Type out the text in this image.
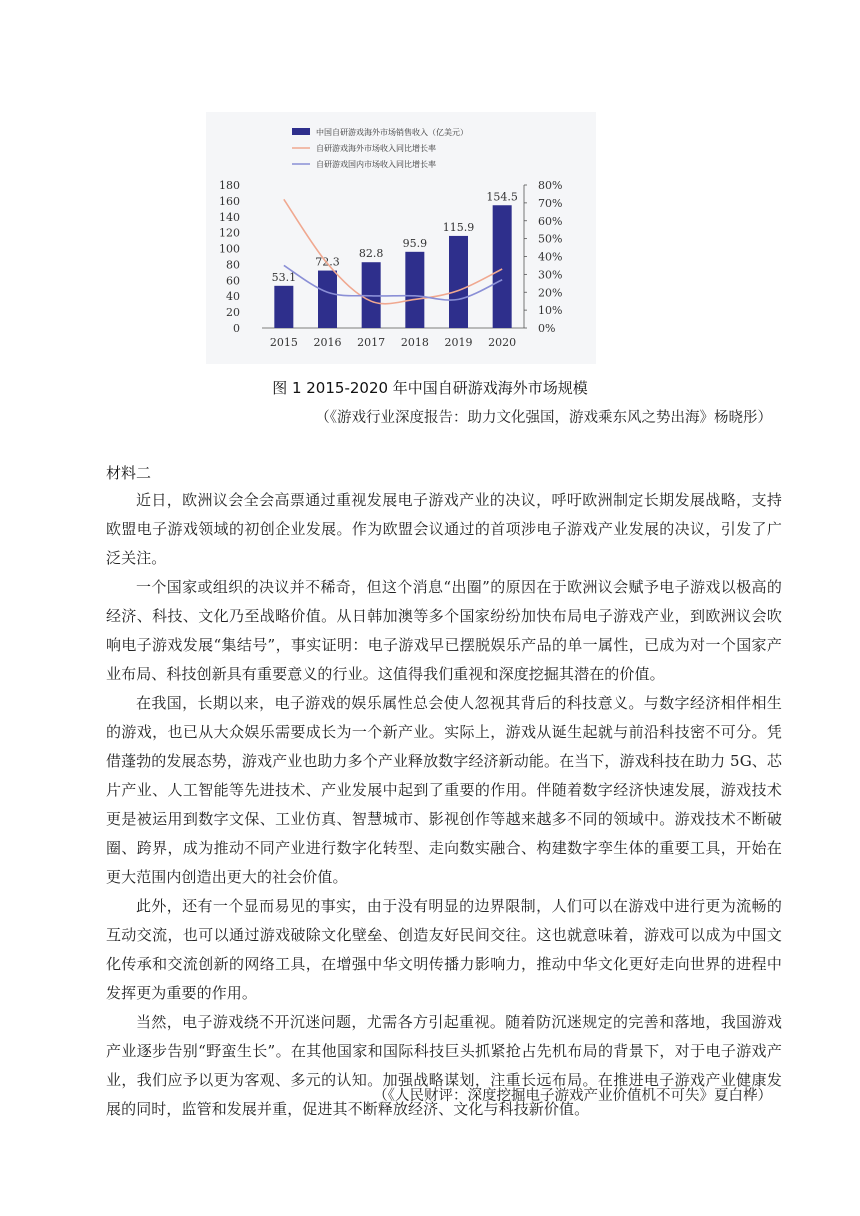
中国自研游戏海外市场销售收入（亿美元）
自研游戏海外市场收入同比增长率
自研游戏国内市场收入同比增长率
0
20
40
60
80
100
120
140
160
180
0%
10%
20%
30%
40%
50%
60%
70%
80%
53.1
72.3
82.8
95.9
115.9
154.5
2015 2016 2017 2018 2019 2020
图 1 2015-2020 年中国自研游戏海外市场规模
（《游戏行业深度报告：助力文化强国，游戏乘东风之势出海》杨晓彤）
材料二

近日，欧洲议会全会高票通过重视发展电子游戏产业的决议，呼吁欧洲制定长期发展战略，支持欧盟电子游戏领域的初创企业发展。作为欧盟会议通过的首项涉电子游戏产业发展的决议，引发了广泛关注。

一个国家或组织的决议并不稀奇，但这个消息“出圈”的原因在于欧洲议会赋予电子游戏以极高的经济、科技、文化乃至战略价值。从日韩加澳等多个国家纷纷加快布局电子游戏产业，到欧洲议会吹响电子游戏发展“集结号”，事实证明：电子游戏早已摆脱娱乐产品的单一属性，已成为对一个国家产业布局、科技创新具有重要意义的行业。这值得我们重视和深度挖掘其潜在的价值。

在我国，长期以来，电子游戏的娱乐属性总会使人忽视其背后的科技意义。与数字经济相伴相生的游戏，也已从大众娱乐需要成长为一个新产业。实际上，游戏从诞生起就与前沿科技密不可分。凭借蓬勃的发展态势，游戏产业也助力多个产业释放数字经济新动能。在当下，游戏科技在助力 5G、芯片产业、人工智能等先进技术、产业发展中起到了重要的作用。伴随着数字经济快速发展，游戏技术更是被运用到数字文保、工业仿真、智慧城市、影视创作等越来越多不同的领域中。游戏技术不断破圈、跨界，成为推动不同产业进行数字化转型、走向数实融合、构建数字孪生体的重要工具，开始在更大范围内创造出更大的社会价值。

此外，还有一个显而易见的事实，由于没有明显的边界限制，人们可以在游戏中进行更为流畅的互动交流，也可以通过游戏破除文化壁垒、创造友好民间交往。这也就意味着，游戏可以成为中国文化传承和交流创新的网络工具，在增强中华文明传播力影响力，推动中华文化更好走向世界的进程中发挥更为重要的作用。

当然，电子游戏绕不开沉迷问题，尤需各方引起重视。随着防沉迷规定的完善和落地，我国游戏产业逐步告别“野蛮生长”。在其他国家和国际科技巨头抓紧抢占先机布局的背景下，对于电子游戏产业，我们应予以更为客观、多元的认知。加强战略谋划，注重长远布局。在推进电子游戏产业健康发展的同时，监管和发展并重，促进其不断释放经济、文化与科技新价值。

（《人民财评：深度挖掘电子游戏产业价值机不可失》夏白桦）
